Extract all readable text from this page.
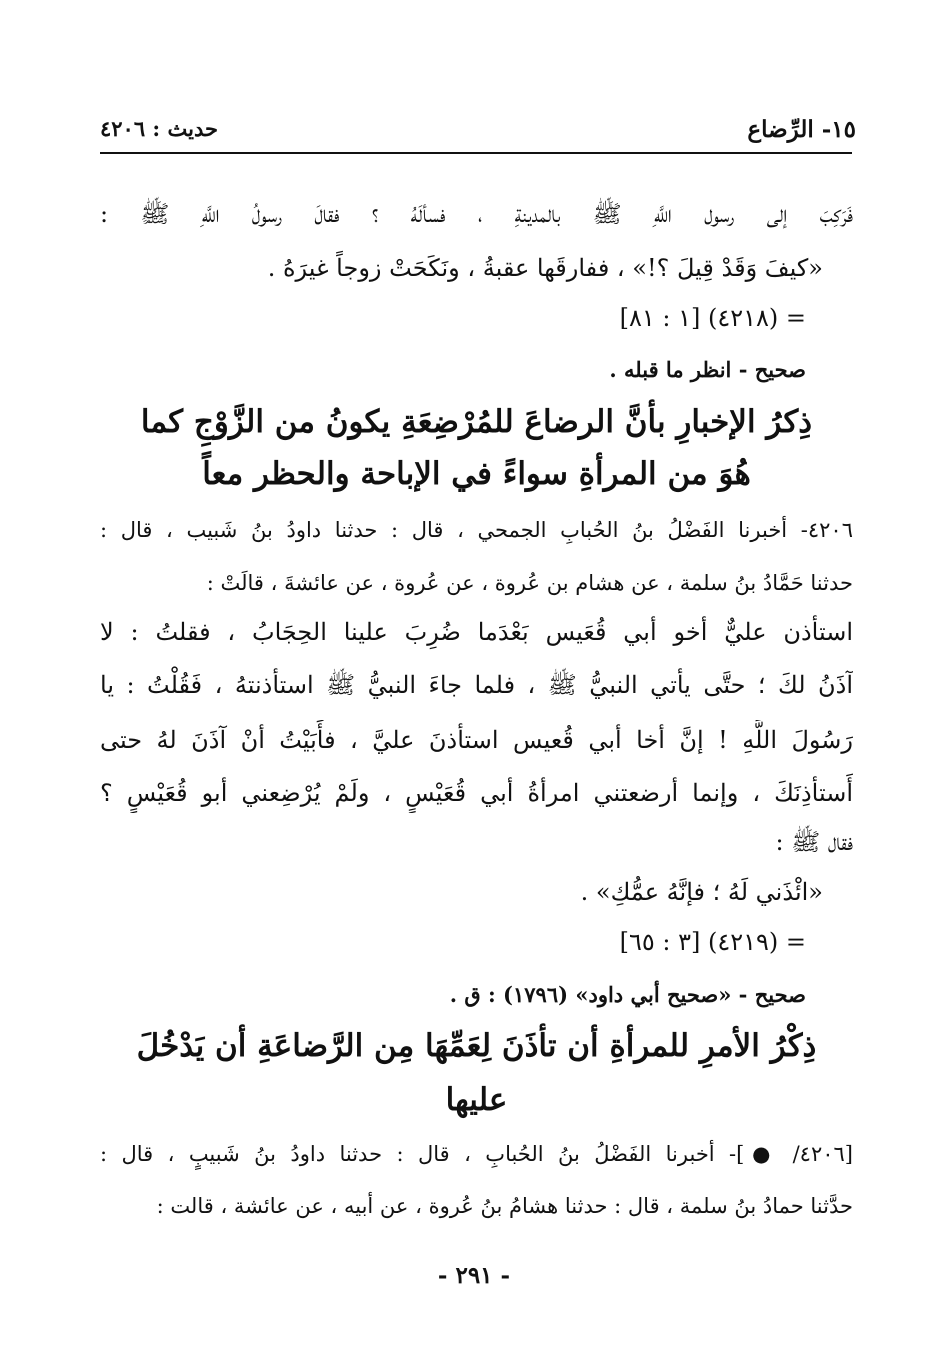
١٥- الرِّضاع
حديث : ٤٢٠٦
فَرَكِبَ إلى رسول اللَّهِ ﷺ بالمدينةِ ، فسألَهُ ؟ فقالَ رسولُ اللَّهِ ﷺ :
«كيفَ وَقَدْ قِيلَ ؟!» ، ففارقَها عقبةُ ، ونَكَحَتْ زوجاً غيرَهُ .
= (٤٢١٨) [١ : ٨١]
صحيح - انظر ما قبله .
ذِكرُ الإخبارِ بأنَّ الرضاعَ للمُرْضِعَةِ يكونُ من الزَّوْجِ كما
هُوَ من المرأةِ سواءً في الإباحة والحظر معاً
٤٢٠٦- أخبرنا الفَضْلُ بنُ الحُبابِ الجمحي ، قال : حدثنا داودُ بنُ شَبيب ، قال :
حدثنا حَمَّادُ بنُ سلمة ، عن هشام بن عُروة ، عن عُروة ، عن عائشةَ ، قالَتْ :
استأذن عليٌّ أخو أبي قُعَيس بَعْدَما ضُرِبَ علينا الحِجَابُ ، فقلتُ : لا
آذَنُ لكَ ؛ حتَّى يأتي النبيُّ ﷺ ، فلما جاءَ النبيُّ ﷺ استأذنتهُ ، فَقُلْتُ : يا
رَسُولَ اللَّهِ ! إنَّ أخا أبي قُعيس استأذنَ عليَّ ، فأَبَيْتُ أنْ آذَنَ لهُ حتى
أَستأذِنَكَ ، وإنما أرضعتني امرأةُ أبي قُعَيْسٍ ، ولَمْ يُرْضِعني أبو قُعَيْسٍ ؟
فقال ﷺ :
«ائْذَني لَهُ ؛ فإنَّهُ عمُّكِ» .
= (٤٢١٩) [٣ : ٦٥]
صحيح - «صحيح أبي داود» (١٧٩٦) : ق .
ذِكْرُ الأمرِ للمرأةِ أن تأذَنَ لِعَمِّهَا مِن الرَّضاعَةِ أن يَدْخُلَ
عليها
[٤٢٠٦/ ●]- أخبرنا الفَضْلُ بنُ الحُبابِ ، قال : حدثنا داودُ بنُ شَبيبٍ ، قال :
حدَّثنا حمادُ بنُ سلمة ، قال : حدثنا هشامُ بنُ عُروة ، عن أبيه ، عن عائشة ، قالت :
- ٢٩١ -
